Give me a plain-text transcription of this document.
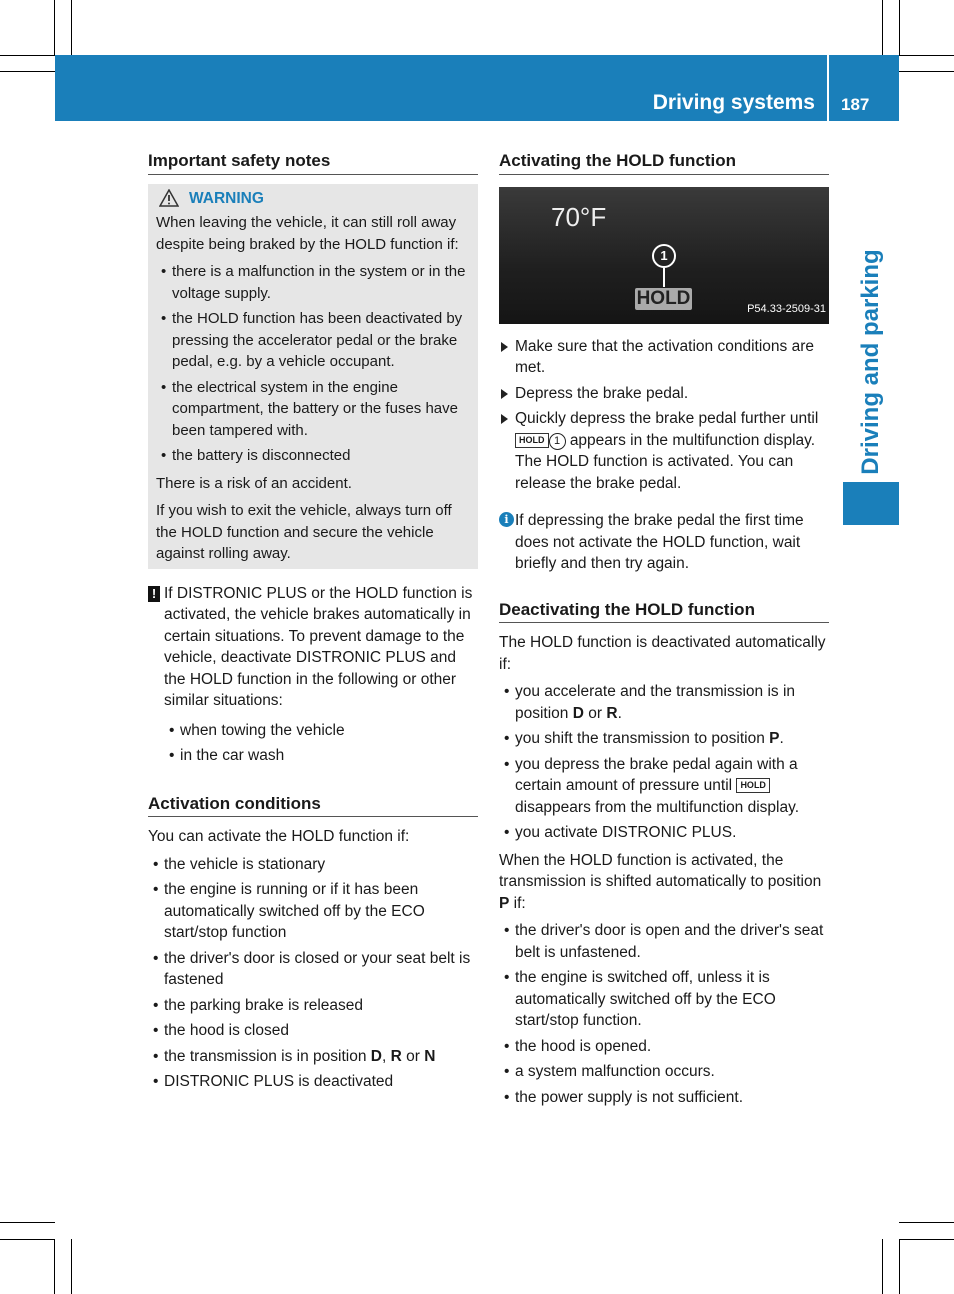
Driving systems 187
Driving and parking
Important safety notes
WARNING

When leaving the vehicle, it can still roll away despite being braked by the HOLD function if:

• there is a malfunction in the system or in the voltage supply.
• the HOLD function has been deactivated by pressing the accelerator pedal or the brake pedal, e.g. by a vehicle occupant.
• the electrical system in the engine compartment, the battery or the fuses have been tampered with.
• the battery is disconnected

There is a risk of an accident.

If you wish to exit the vehicle, always turn off the HOLD function and secure the vehicle against rolling away.

! If DISTRONIC PLUS or the HOLD function is activated, the vehicle brakes automatically in certain situations. To prevent damage to the vehicle, deactivate DISTRONIC PLUS and the HOLD function in the following or other similar situations:
• when towing the vehicle
• in the car wash
Activation conditions

You can activate the HOLD function if:

• the vehicle is stationary
• the engine is running or if it has been automatically switched off by the ECO start/stop function
• the driver's door is closed or your seat belt is fastened
• the parking brake is released
• the hood is closed
• the transmission is in position D, R or N
• DISTRONIC PLUS is deactivated
Activating the HOLD function
70°F
1
HOLD
P54.33-2509-31
Make sure that the activation conditions are met.
Depress the brake pedal.
Quickly depress the brake pedal further until HOLD 1 appears in the multifunction display.
The HOLD function is activated. You can release the brake pedal.
i If depressing the brake pedal the first time does not activate the HOLD function, wait briefly and then try again.
Deactivating the HOLD function

The HOLD function is deactivated automatically if:

• you accelerate and the transmission is in position D or R.
• you shift the transmission to position P.
• you depress the brake pedal again with a certain amount of pressure until HOLD disappears from the multifunction display.
• you activate DISTRONIC PLUS.

When the HOLD function is activated, the transmission is shifted automatically to position P if:

• the driver's door is open and the driver's seat belt is unfastened.
• the engine is switched off, unless it is automatically switched off by the ECO start/stop function.
• the hood is opened.
• a system malfunction occurs.
• the power supply is not sufficient.
